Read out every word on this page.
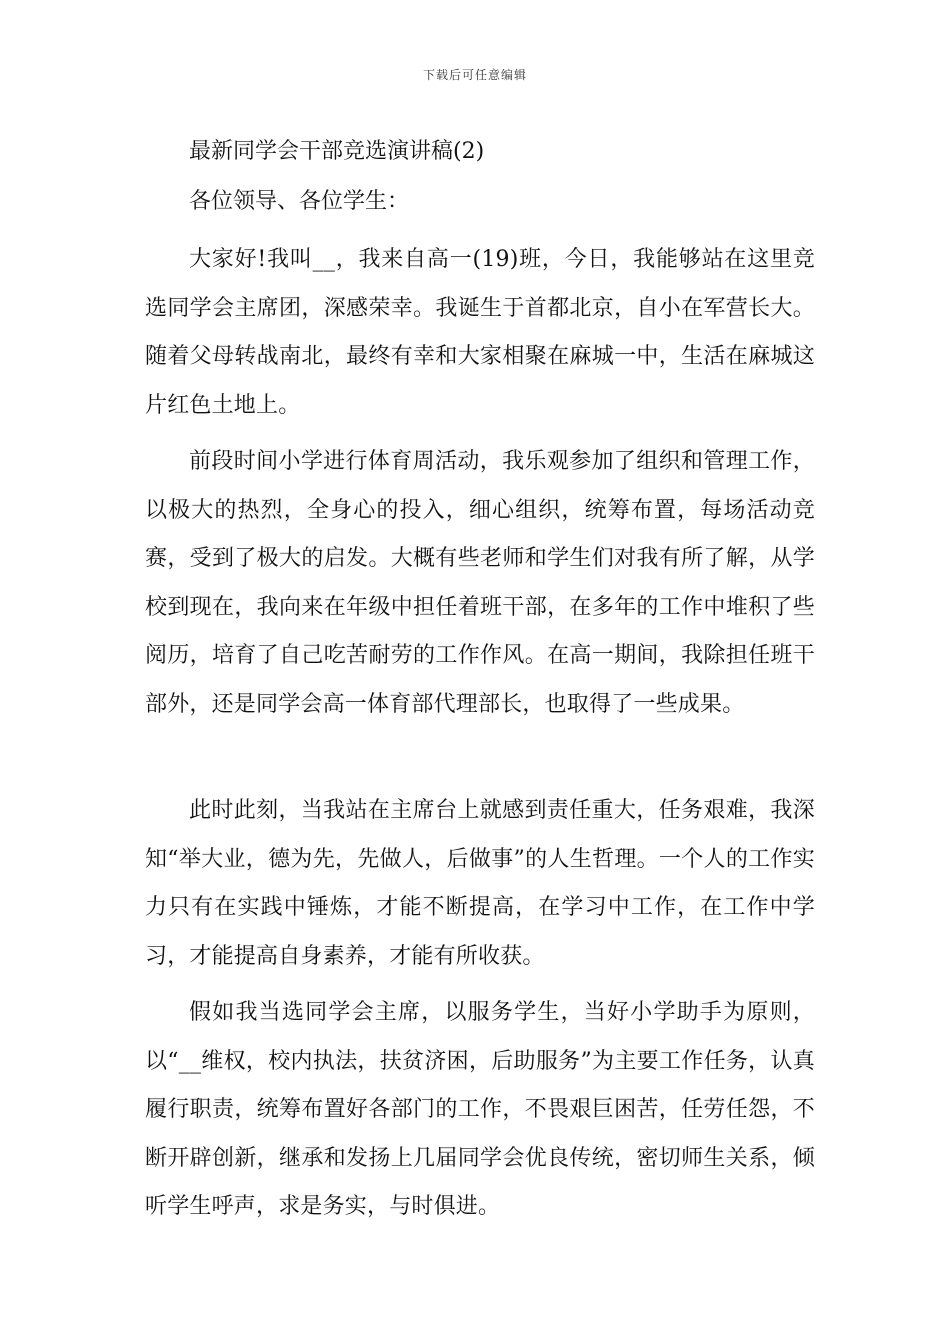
下载后可任意编辑

最新同学会干部竞选演讲稿(2)

各位领导、各位学生：

大家好!我叫__，我来自高一(19)班，今日，我能够站在这里竞选同学会主席团，深感荣幸。我诞生于首都北京，自小在军营长大。随着父母转战南北，最终有幸和大家相聚在麻城一中，生活在麻城这片红色土地上。

前段时间小学进行体育周活动，我乐观参加了组织和管理工作，以极大的热烈，全身心的投入，细心组织，统筹布置，每场活动竞赛，受到了极大的启发。大概有些老师和学生们对我有所了解，从学校到现在，我向来在年级中担任着班干部，在多年的工作中堆积了些阅历，培育了自己吃苦耐劳的工作作风。在高一期间，我除担任班干部外，还是同学会高一体育部代理部长，也取得了一些成果。

此时此刻，当我站在主席台上就感到责任重大，任务艰难，我深知“举大业，德为先，先做人，后做事”的人生哲理。一个人的工作实力只有在实践中锤炼，才能不断提高，在学习中工作，在工作中学习，才能提高自身素养，才能有所收获。

假如我当选同学会主席，以服务学生，当好小学助手为原则，以“__维权，校内执法，扶贫济困，后助服务”为主要工作任务，认真履行职责，统筹布置好各部门的工作，不畏艰巨困苦，任劳任怨，不断开辟创新，继承和发扬上几届同学会优良传统，密切师生关系，倾听学生呼声，求是务实，与时俱进。
